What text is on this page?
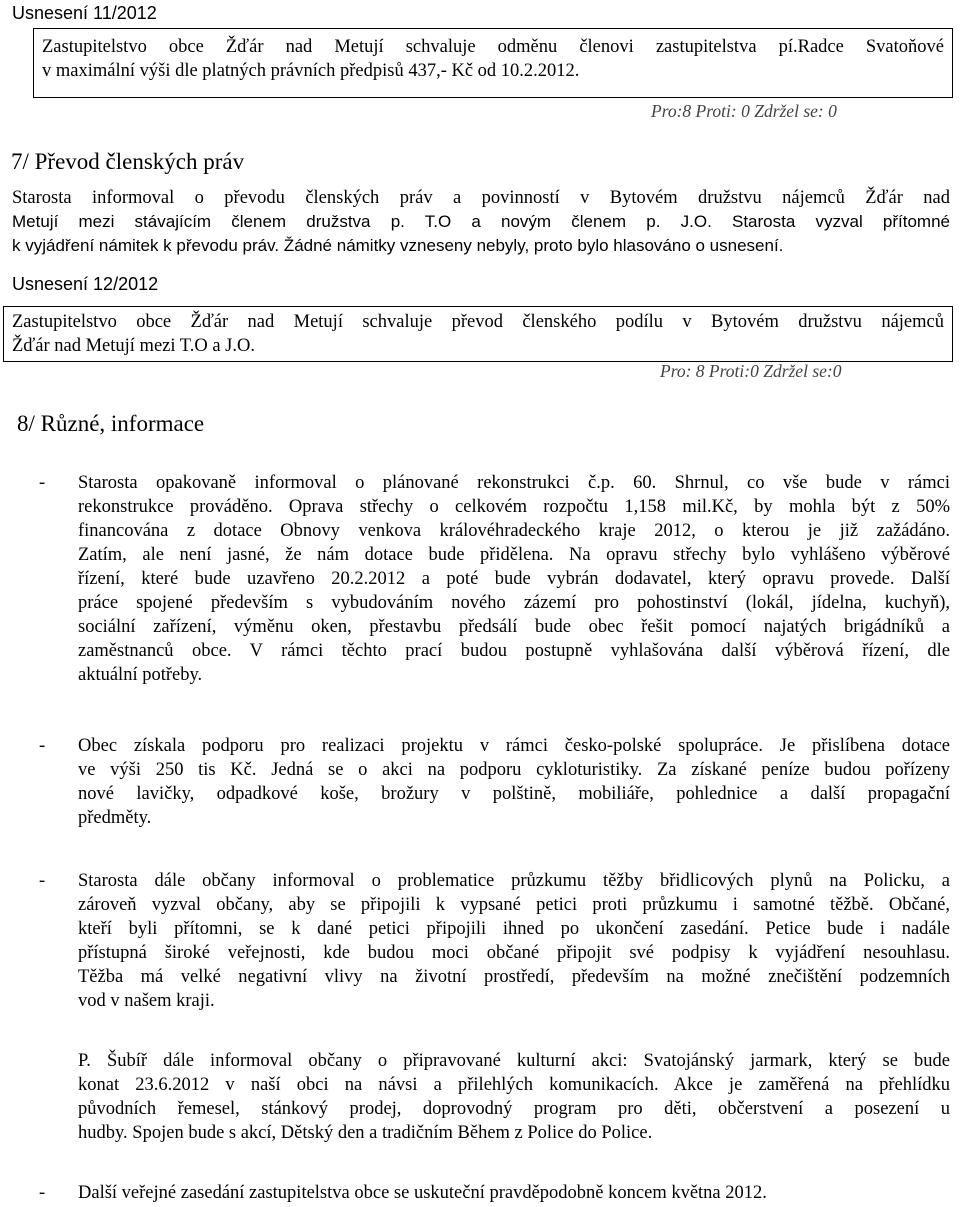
Usnesení 11/2012
Zastupitelstvo obce Žďár nad Metují schvaluje odměnu členovi zastupitelstva pí.Radce Svatoňové
v maximální výši dle platných právních předpisů 437,- Kč od 10.2.2012.
Pro:8 Proti: 0 Zdržel se: 0
7/ Převod členských práv
Starosta informoval o převodu členských práv a povinností v Bytovém družstvu nájemců Žďár nad
Metují mezi stávajícím členem družstva p. T.O a novým členem p. J.O. Starosta vyzval přítomné
k vyjádření námitek k převodu práv. Žádné námitky vzneseny nebyly, proto bylo hlasováno o usnesení.
Usnesení 12/2012
Zastupitelstvo obce Žďár nad Metují schvaluje převod členského podílu v Bytovém družstvu nájemců
Žďár nad Metují mezi T.O a J.O.
Pro: 8 Proti:0 Zdržel se:0
8/ Různé, informace
- Starosta opakovaně informoval o plánované rekonstrukci č.p. 60. Shrnul, co vše bude v rámci
rekonstrukce prováděno. Oprava střechy o celkovém rozpočtu 1,158 mil.Kč, by mohla být z 50%
financována z dotace Obnovy venkova královéhradeckého kraje 2012, o kterou je již zažádáno.
Zatím, ale není jasné, že nám dotace bude přidělena. Na opravu střechy bylo vyhlášeno výběrové
řízení, které bude uzavřeno 20.2.2012 a poté bude vybrán dodavatel, který opravu provede. Další
práce spojené především s vybudováním nového zázemí pro pohostinství (lokál, jídelna, kuchyň),
sociální zařízení, výměnu oken, přestavbu předsálí bude obec řešit pomocí najatých brigádníků a
zaměstnanců obce. V rámci těchto prací budou postupně vyhlašována další výběrová řízení, dle
aktuální potřeby.
- Obec získala podporu pro realizaci projektu v rámci česko-polské spolupráce. Je přislíbena dotace
ve výši 250 tis Kč. Jedná se o akci na podporu cykloturistiky. Za získané peníze budou pořízeny
nové lavičky, odpadkové koše, brožury v polštině, mobiliáře, pohlednice a další propagační
předměty.
- Starosta dále občany informoval o problematice průzkumu těžby břidlicových plynů na Policku, a
zároveň vyzval občany, aby se připojili k vypsané petici proti průzkumu i samotné těžbě. Občané,
kteří byli přítomni, se k dané petici připojili ihned po ukončení zasedání. Petice bude i nadále
přístupná široké veřejnosti, kde budou moci občané připojit své podpisy k vyjádření nesouhlasu.
Těžba má velké negativní vlivy na životní prostředí, především na možné znečištění podzemních
vod v našem kraji.
P. Šubíř dále informoval občany o připravované kulturní akci: Svatojánský jarmark, který se bude
konat 23.6.2012 v naší obci na návsi a přilehlých komunikacích. Akce je zaměřená na přehlídku
původních řemesel, stánkový prodej, doprovodný program pro děti, občerstvení a posezení u
hudby. Spojen bude s akcí, Dětský den a tradičním Během z Police do Police.
- Další veřejné zasedání zastupitelstva obce se uskuteční pravděpodobně koncem května 2012.
